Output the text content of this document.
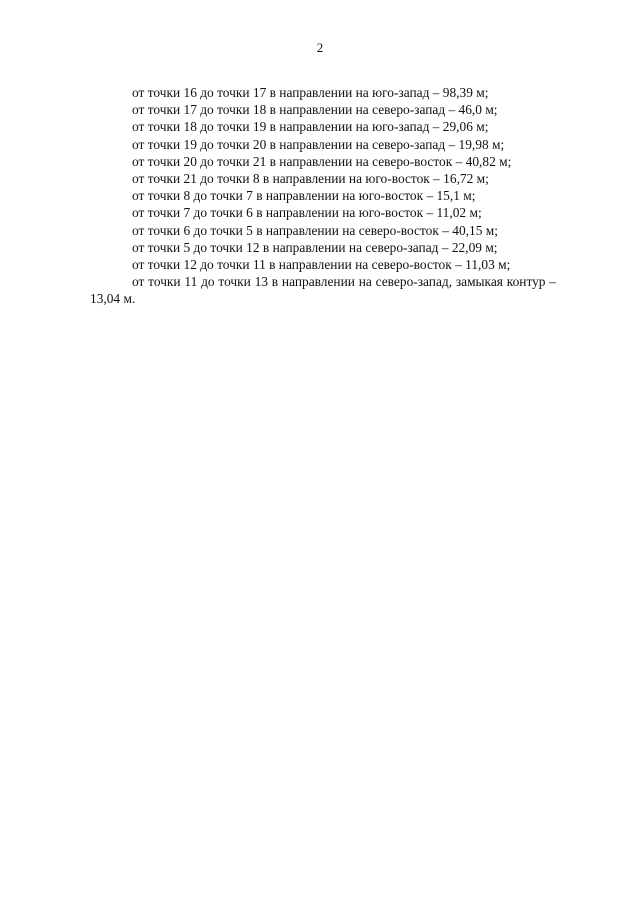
2

от точки 16 до точки 17 в направлении на юго-запад – 98,39 м;

от точки 17 до точки 18 в направлении на северо-запад – 46,0 м;

от точки 18 до точки 19 в направлении на юго-запад – 29,06 м;

от точки 19 до точки 20 в направлении на северо-запад – 19,98 м;

от точки 20 до точки 21 в направлении на северо-восток – 40,82 м;

от точки 21 до точки 8 в направлении на юго-восток – 16,72 м;

от точки 8 до точки 7 в направлении на юго-восток – 15,1 м;

от точки 7 до точки 6 в направлении на юго-восток – 11,02 м;

от точки 6 до точки 5 в направлении на северо-восток – 40,15 м;

от точки 5 до точки 12 в направлении на северо-запад – 22,09 м;

от точки 12 до точки 11 в направлении на северо-восток – 11,03 м;

от точки 11 до точки 13 в направлении на северо-запад, замыкая контур – 13,04 м.
